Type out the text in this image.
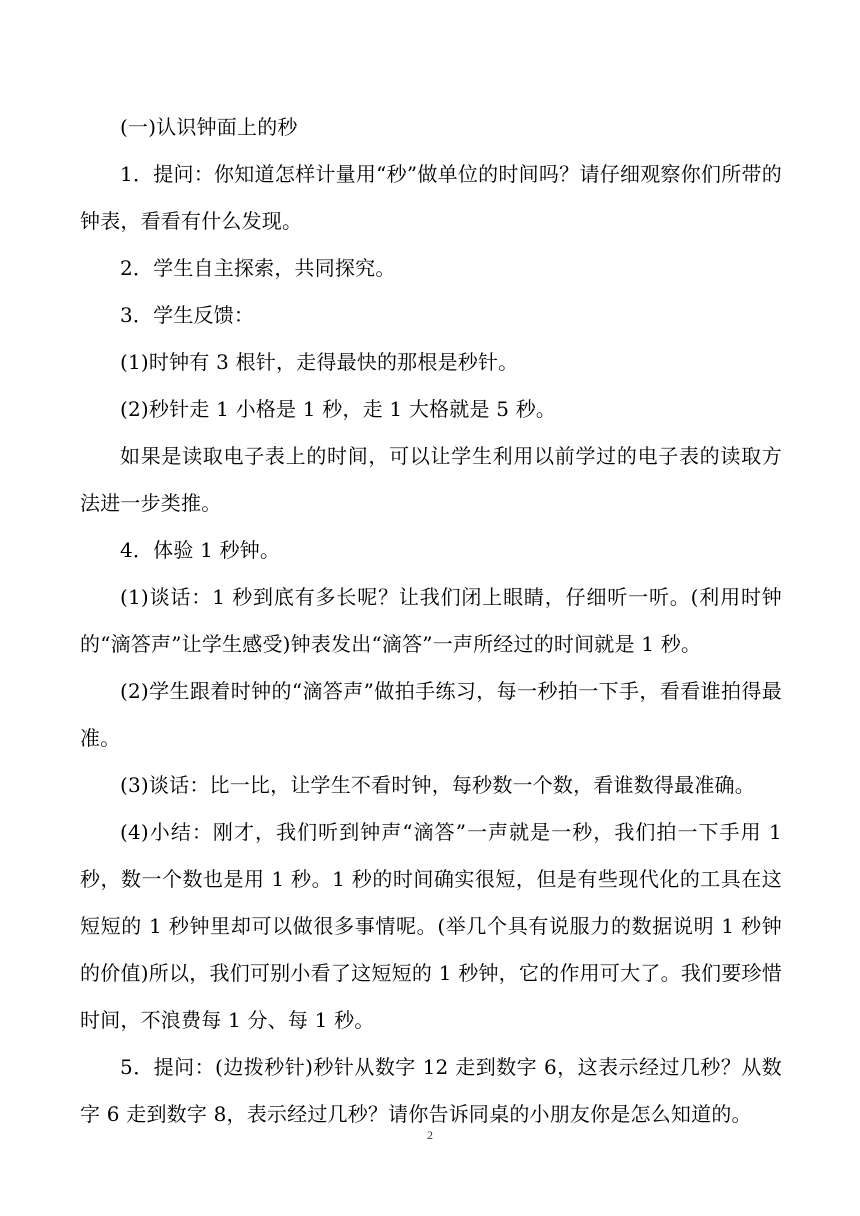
(一)认识钟面上的秒

1．提问：你知道怎样计量用“秒”做单位的时间吗？请仔细观察你们所带的钟表，看看有什么发现。

2．学生自主探索，共同探究。

3．学生反馈：

(1)时钟有 3 根针，走得最快的那根是秒针。

(2)秒针走 1 小格是 1 秒，走 1 大格就是 5 秒。

如果是读取电子表上的时间，可以让学生利用以前学过的电子表的读取方法进一步类推。

4．体验 1 秒钟。

(1)谈话：1 秒到底有多长呢？让我们闭上眼睛，仔细听一听。(利用时钟的“滴答声”让学生感受)钟表发出“滴答”一声所经过的时间就是 1 秒。

(2)学生跟着时钟的“滴答声”做拍手练习，每一秒拍一下手，看看谁拍得最准。

(3)谈话：比一比，让学生不看时钟，每秒数一个数，看谁数得最准确。

(4)小结：刚才，我们听到钟声“滴答”一声就是一秒，我们拍一下手用 1 秒，数一个数也是用 1 秒。1 秒的时间确实很短，但是有些现代化的工具在这短短的 1 秒钟里却可以做很多事情呢。(举几个具有说服力的数据说明 1 秒钟的价值)所以，我们可别小看了这短短的 1 秒钟，它的作用可大了。我们要珍惜时间，不浪费每 1 分、每 1 秒。

5．提问：(边拨秒针)秒针从数字 12 走到数字 6，这表示经过几秒？从数字 6 走到数字 8，表示经过几秒？请你告诉同桌的小朋友你是怎么知道的。

2
